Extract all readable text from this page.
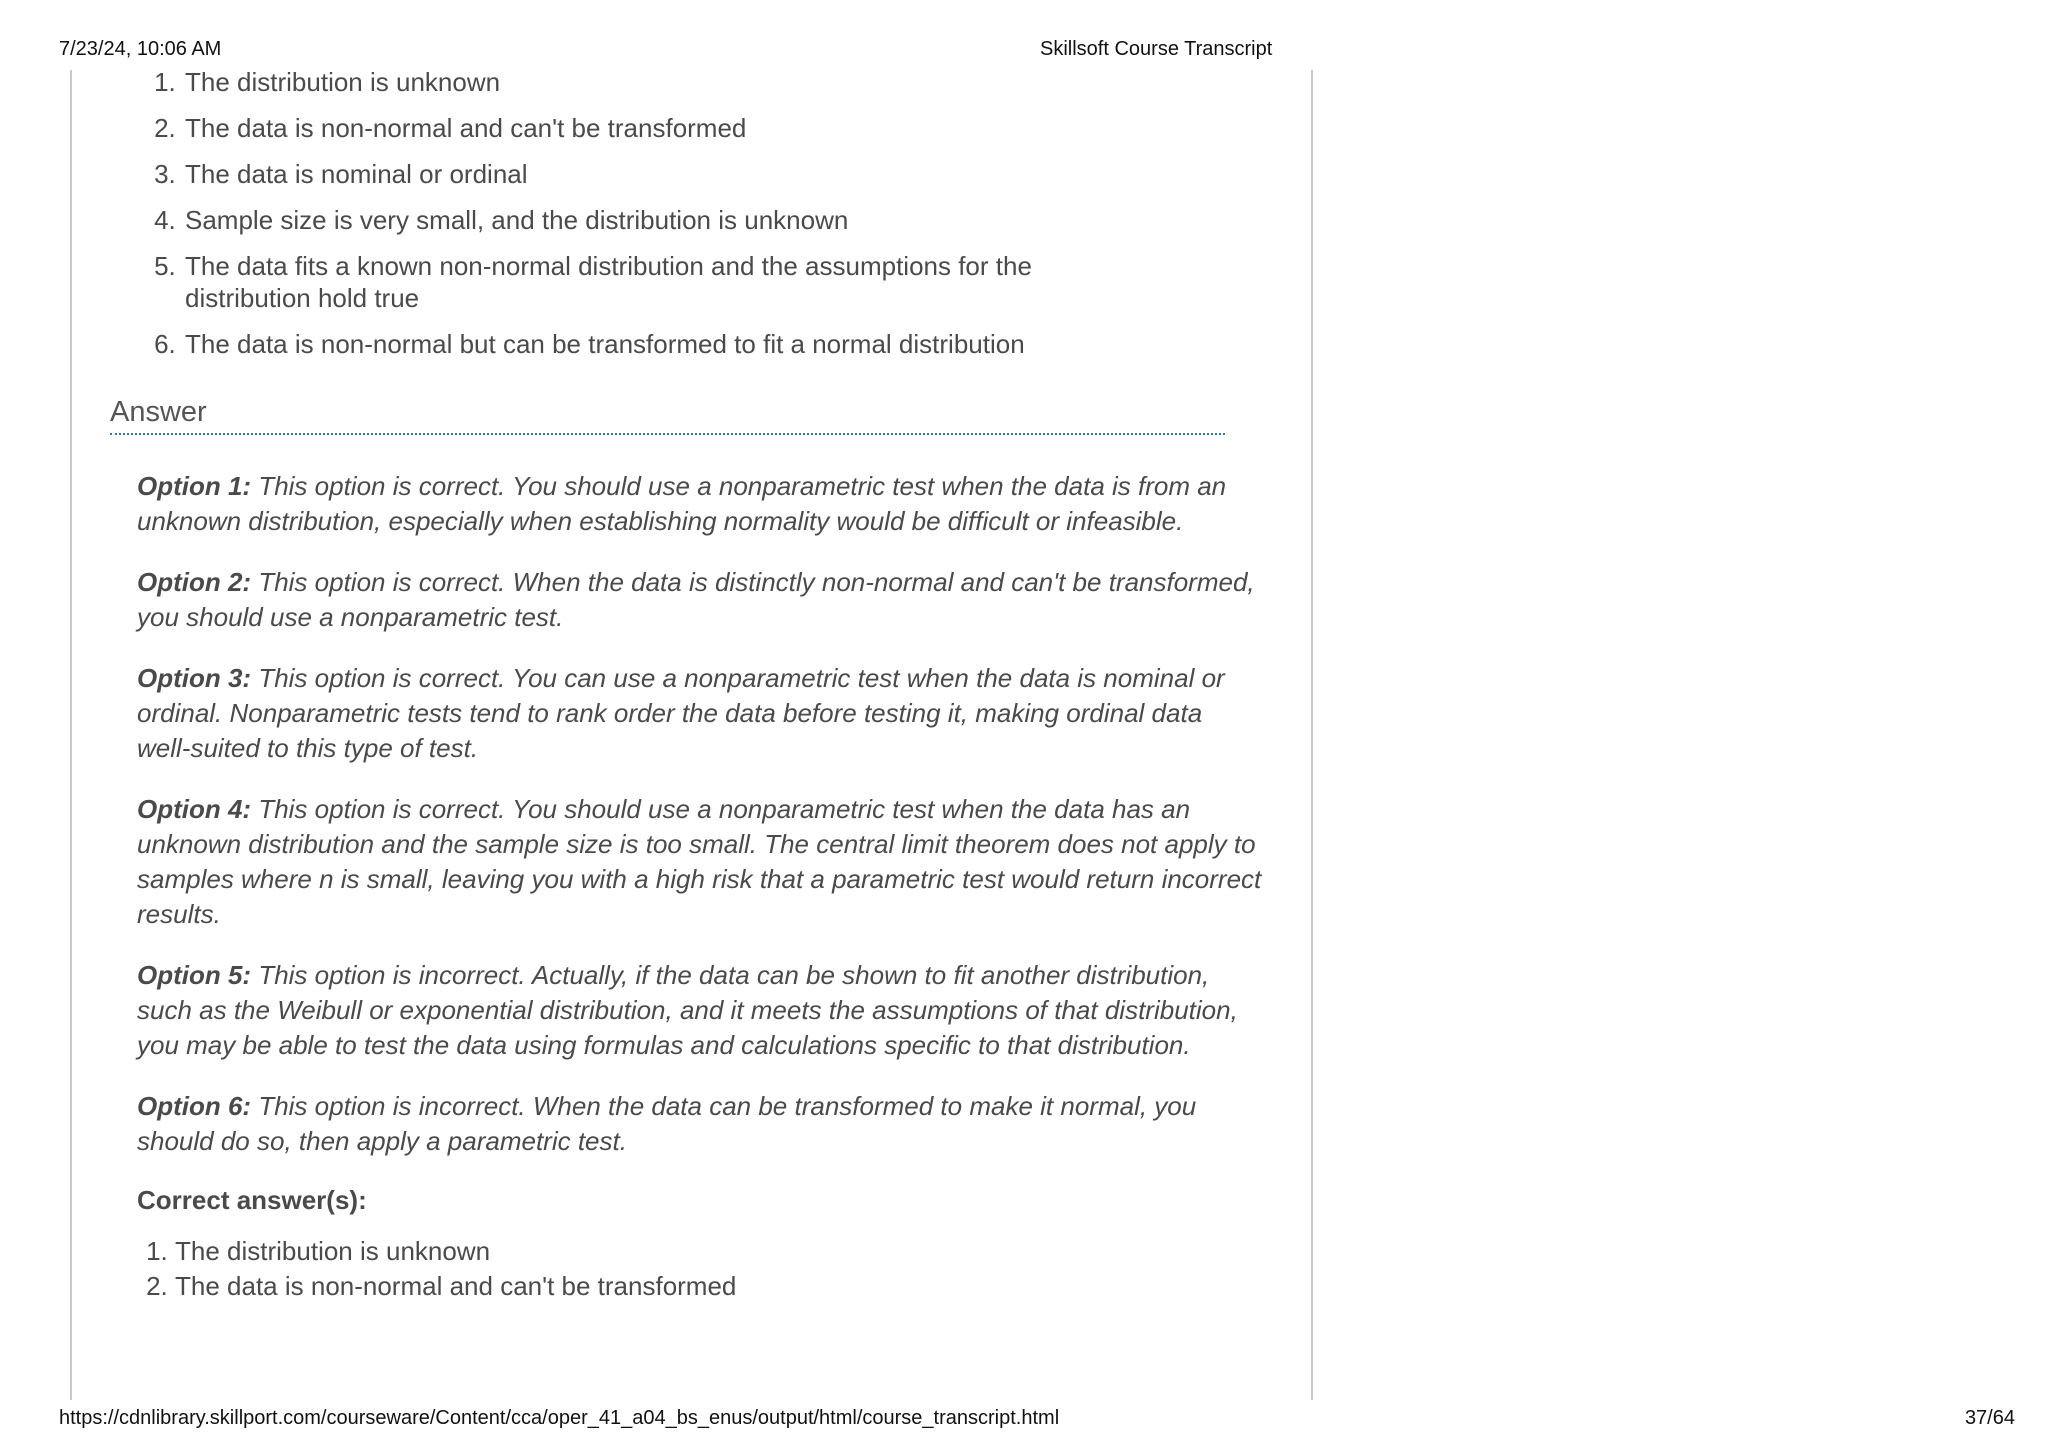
7/23/24, 10:06 AM	Skillsoft Course Transcript
1. The distribution is unknown
2. The data is non-normal and can't be transformed
3. The data is nominal or ordinal
4. Sample size is very small, and the distribution is unknown
5. The data fits a known non-normal distribution and the assumptions for the distribution hold true
6. The data is non-normal but can be transformed to fit a normal distribution
Answer

Option 1: This option is correct. You should use a nonparametric test when the data is from an unknown distribution, especially when establishing normality would be difficult or infeasible.

Option 2: This option is correct. When the data is distinctly non-normal and can't be transformed, you should use a nonparametric test.

Option 3: This option is correct. You can use a nonparametric test when the data is nominal or ordinal. Nonparametric tests tend to rank order the data before testing it, making ordinal data well-suited to this type of test.

Option 4: This option is correct. You should use a nonparametric test when the data has an unknown distribution and the sample size is too small. The central limit theorem does not apply to samples where n is small, leaving you with a high risk that a parametric test would return incorrect results.

Option 5: This option is incorrect. Actually, if the data can be shown to fit another distribution, such as the Weibull or exponential distribution, and it meets the assumptions of that distribution, you may be able to test the data using formulas and calculations specific to that distribution.

Option 6: This option is incorrect. When the data can be transformed to make it normal, you should do so, then apply a parametric test.

Correct answer(s):
1. The distribution is unknown
2. The data is non-normal and can't be transformed
https://cdnlibrary.skillport.com/courseware/Content/cca/oper_41_a04_bs_enus/output/html/course_transcript.html	37/64
